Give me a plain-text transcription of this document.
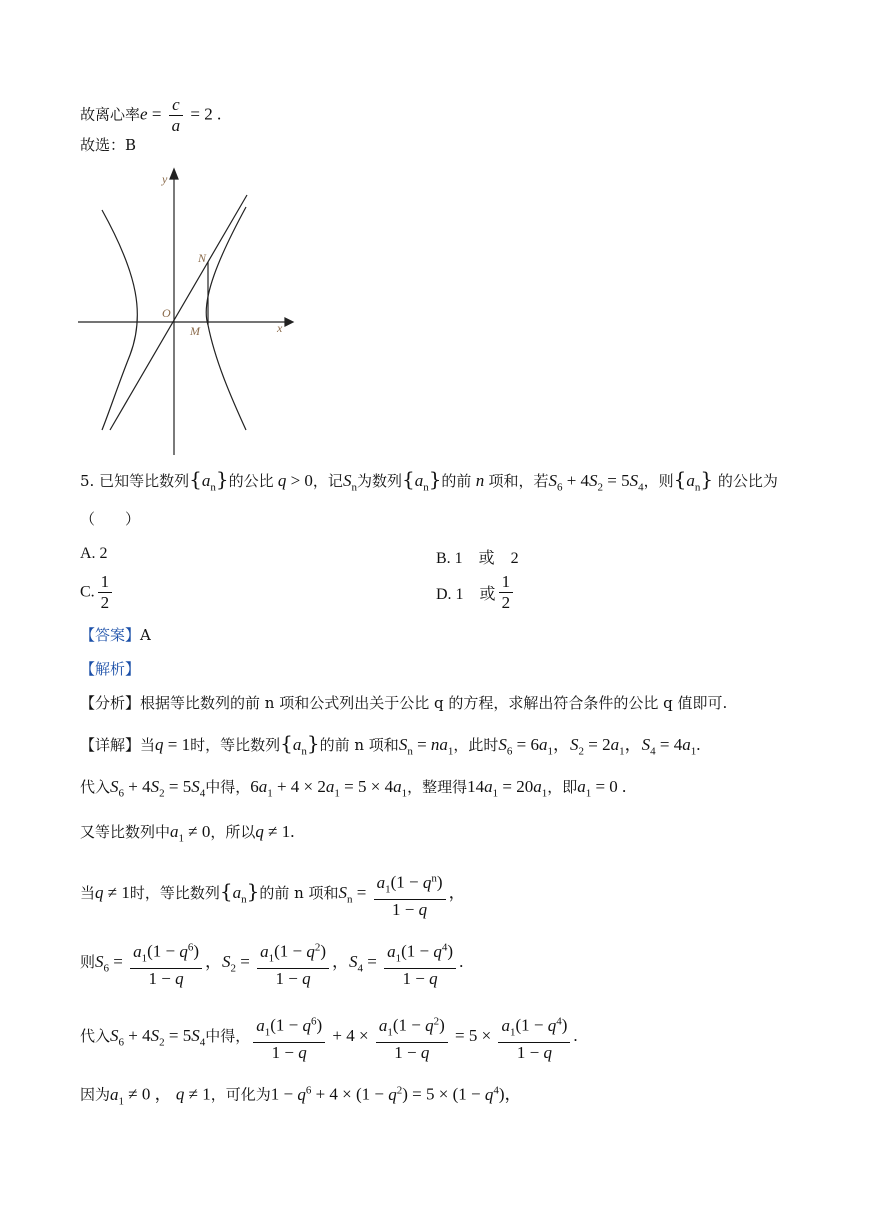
故离心率$e = \frac{c}{a} = 2$ .
故选：B
y
x
O
N
M
5. 已知等比数列$\{a_n\}$的公比 q > 0，记$S_n$为数列$\{a_n\}$的前 n 项和，若$S_6 + 4S_2 = 5S_4$，则$\{a_n\}$ 的公比为
（　　）
A. 2	B. 1　或　2
C. $\frac{1}{2}$	D. 1　或 $\frac{1}{2}$
【答案】A
【解析】
【分析】根据等比数列的前 n 项和公式列出关于公比 q 的方程，求解出符合条件的公比 q 值即可.
【详解】当q = 1时，等比数列$\{a_n\}$的前 n 项和$S_n = na_1$，此时$S_6 = 6a_1$，$S_2 = 2a_1$，$S_4 = 4a_1$.
代入$S_6 + 4S_2 = 5S_4$中得，$6a_1 + 4 \times 2a_1 = 5 \times 4a_1$，整理得$14a_1 = 20a_1$，即$a_1 = 0$ .
又等比数列中$a_1 \ne 0$，所以q ≠ 1.
当q ≠ 1时，等比数列$\{a_n\}$的前 n 项和$S_n = \frac{a_1(1 - q^n)}{1 - q}$ ，
则$S_6 = \frac{a_1(1 - q^6)}{1 - q}$ ，$S_2 = \frac{a_1(1 - q^2)}{1 - q}$ ，$S_4 = \frac{a_1(1 - q^4)}{1 - q}$ .
代入$S_6 + 4S_2 = 5S_4$中得， $\frac{a_1(1 - q^6)}{1 - q} + 4 \times \frac{a_1(1 - q^2)}{1 - q} = 5 \times \frac{a_1(1 - q^4)}{1 - q}$ .
因为$a_1 \ne 0$ ， q ≠ 1，可化为$1 - q^6 + 4 \times (1 - q^2) = 5 \times (1 - q^4)$，
